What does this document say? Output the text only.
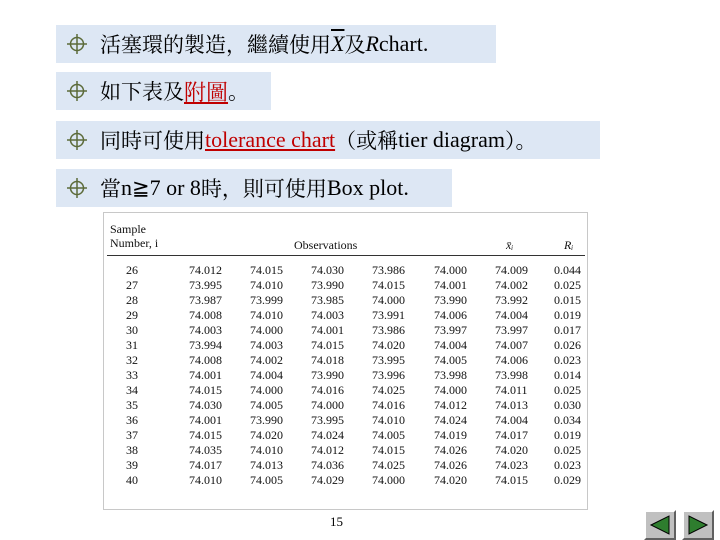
活塞環的製造，繼續使用 $\overline{X}$ 及 R chart.
如下表及 附圖 。
同時可使用 tolerance chart （或稱 tier diagram ）。
當 n ≧ 7 or 8 時，則可使用 Box plot.
Sample
Number, i	Observations	x̄ᵢ	Rᵢ
26	74.012 74.015 74.030 73.986 74.000 74.009 0.044
27	73.995 74.010 73.990 74.015 74.001 74.002 0.025
28	73.987 73.999 73.985 74.000 73.990 73.992 0.015
29	74.008 74.010 74.003 73.991 74.006 74.004 0.019
30	74.003 74.000 74.001 73.986 73.997 73.997 0.017
31	73.994 74.003 74.015 74.020 74.004 74.007 0.026
32	74.008 74.002 74.018 73.995 74.005 74.006 0.023
33	74.001 74.004 73.990 73.996 73.998 73.998 0.014
34	74.015 74.000 74.016 74.025 74.000 74.011 0.025
35	74.030 74.005 74.000 74.016 74.012 74.013 0.030
36	74.001 73.990 73.995 74.010 74.024 74.004 0.034
37	74.015 74.020 74.024 74.005 74.019 74.017 0.019
38	74.035 74.010 74.012 74.015 74.026 74.020 0.025
39	74.017 74.013 74.036 74.025 74.026 74.023 0.023
40	74.010 74.005 74.029 74.000 74.020 74.015 0.029
15
